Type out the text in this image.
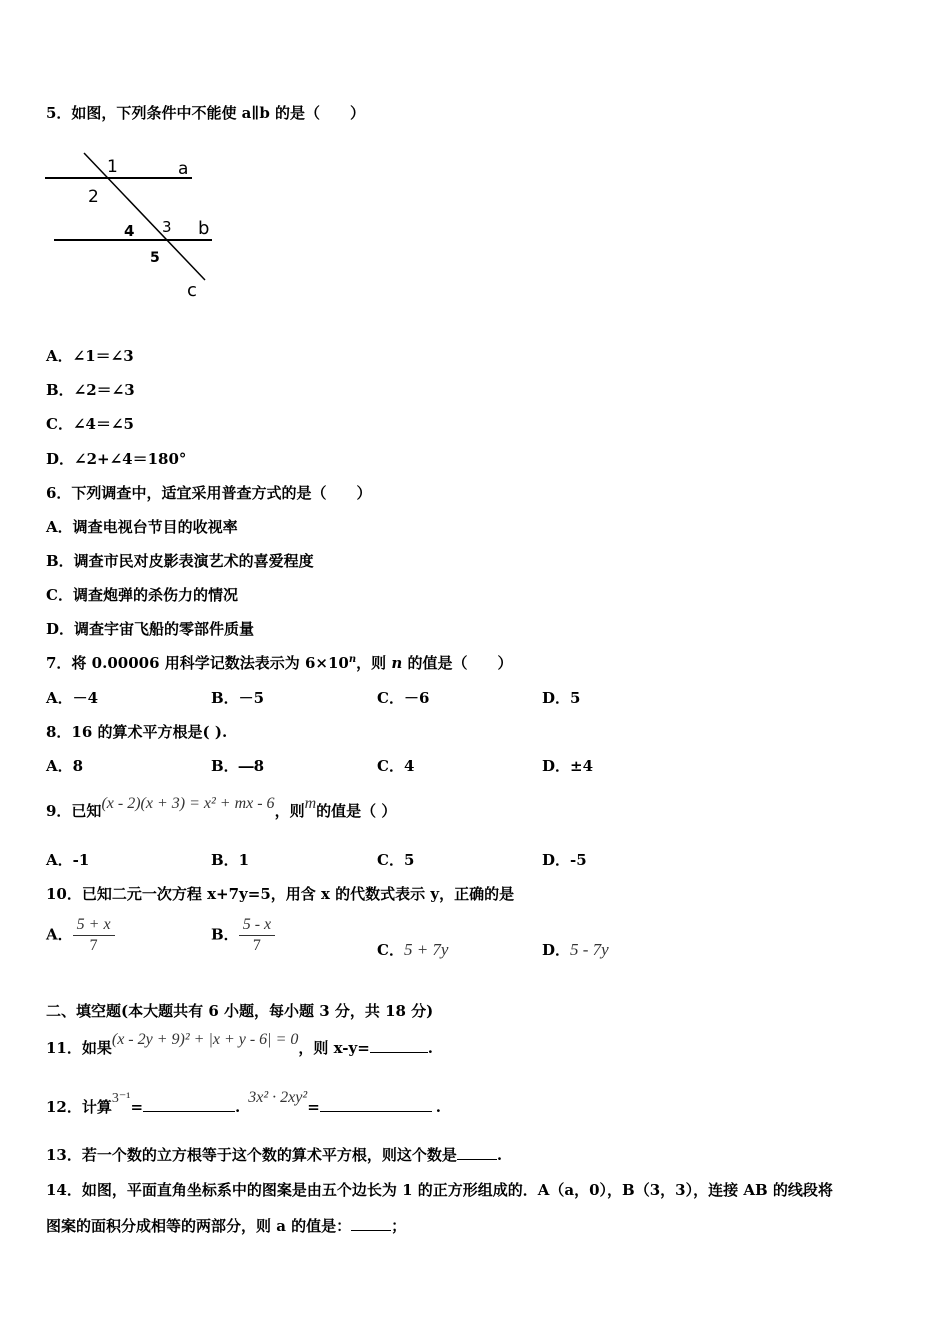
5．如图，下列条件中不能使 a∥b 的是（　　）
1	a
2
3 b
4
5
c
A．∠1＝∠3
B．∠2＝∠3
C．∠4＝∠5
D．∠2+∠4＝180°
6．下列调查中，适宜采用普查方式的是（　　）
A．调查电视台节目的收视率
B．调查市民对皮影表演艺术的喜爱程度
C．调查炮弹的杀伤力的情况
D．调查宇宙飞船的零部件质量
7．将 0.00006 用科学记数法表示为 $6\times 10^n$，则 n 的值是（　　）
A．－4	B．－5	C．－6	D．5
8．16 的算术平方根是( ).
A．8	B．―8	C．4	D．±4
9．已知(x - 2)(x + 3) = x² + mx - 6，则m的值是（ ）
A．-1	B．1	C．5	D．-5
10．已知二元一次方程 x+7y=5，用含 x 的代数式表示 y，正确的是
A． $\frac{5 + x}{7}$	B． $\frac{5 - x}{7}$	C．5 + 7y	D．5 - 7y
二、填空题(本大题共有 6 小题，每小题 3 分，共 18 分)
11．如果(x - 2y + 9)² + |x + y - 6| = 0，则 x-y=	.
12．计算3⁻¹=	.3x² · 2xy²=	.
13．若一个数的立方根等于这个数的算术平方根，则这个数是	.
14．如图，平面直角坐标系中的图案是由五个边长为 1 的正方形组成的．A（a，0），B（3，3），连接 AB 的线段将
图案的面积分成相等的两部分，则 a 的值是：	；
